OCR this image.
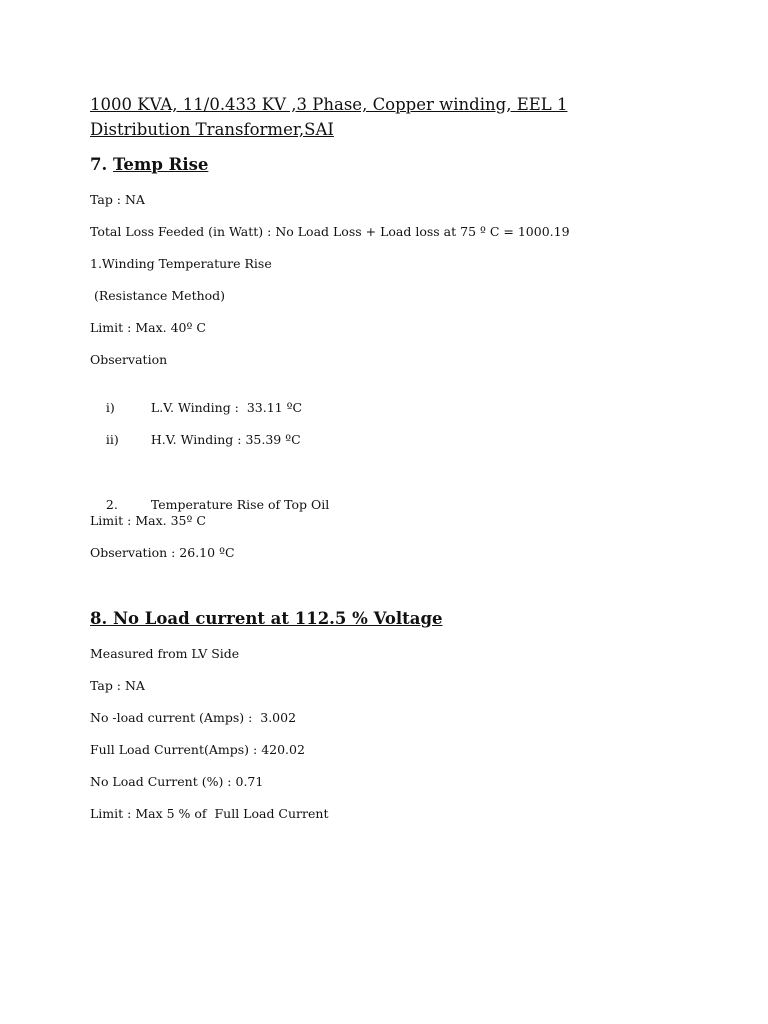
1000 KVA, 11/0.433 KV ,3 Phase, Copper winding, EEL 1 Distribution Transformer,SAI

7. Temp Rise

Tap : NA
Total Loss Feeded (in Watt) : No Load Loss + Load loss at 75 º C = 1000.19
1.Winding Temperature Rise
(Resistance Method)
Limit : Max. 40º C
Observation

i)	L.V. Winding :  33.11 ºC

ii)	H.V. Winding : 35.39 ºC

2.	Temperature Rise of Top Oil

Limit : Max. 35º C
Observation : 26.10 ºC

8. No Load current at 112.5 % Voltage

Measured from LV Side
Tap : NA
No -load current (Amps) :  3.002
Full Load Current(Amps) : 420.02
No Load Current (%) : 0.71
Limit : Max 5 % of  Full Load Current
